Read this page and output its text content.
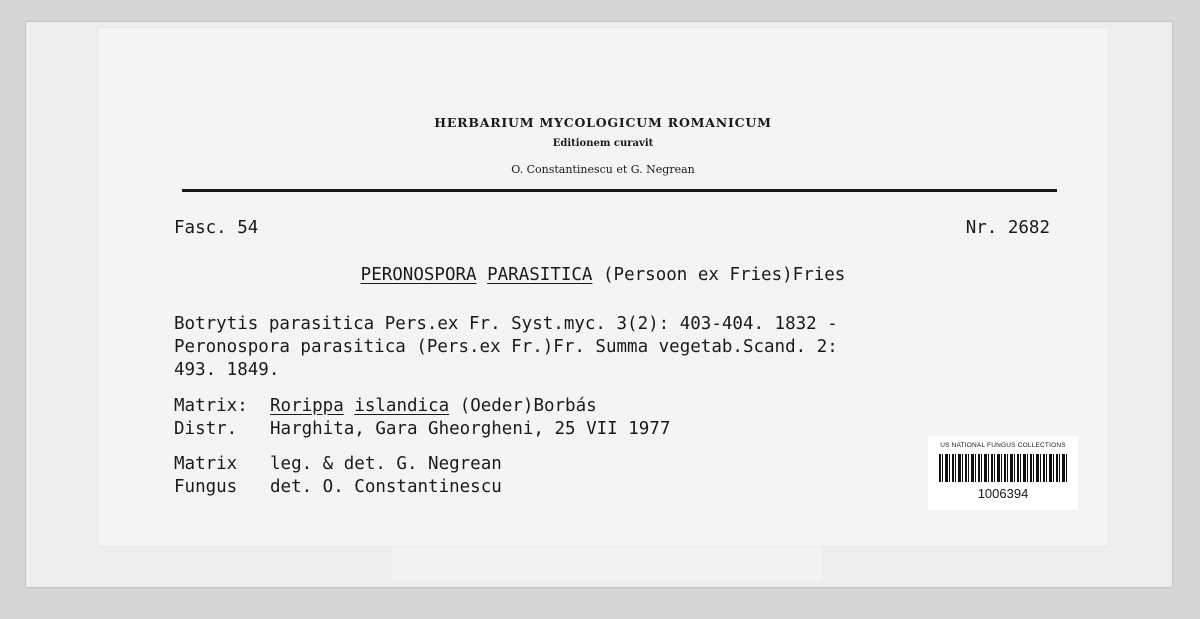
HERBARIUM MYCOLOGICUM ROMANICUM
Editionem curavit
O. Constantinescu et G. Negrean
Fasc. 54	Nr. 2682
PERONOSPORA PARASITICA (Persoon ex Fries)Fries
Botrytis parasitica Pers.ex Fr. Syst.myc. 3(2): 403-404. 1832 -
Peronospora parasitica (Pers.ex Fr.)Fr. Summa vegetab.Scand. 2:
493. 1849.
Matrix: Rorippa islandica (Oeder)Borbás
Distr. Harghita, Gara Gheorgheni, 25 VII 1977
Matrix leg. & det. G. Negrean
Fungus det. O. Constantinescu
US NATIONAL FUNGUS COLLECTIONS
1006394
